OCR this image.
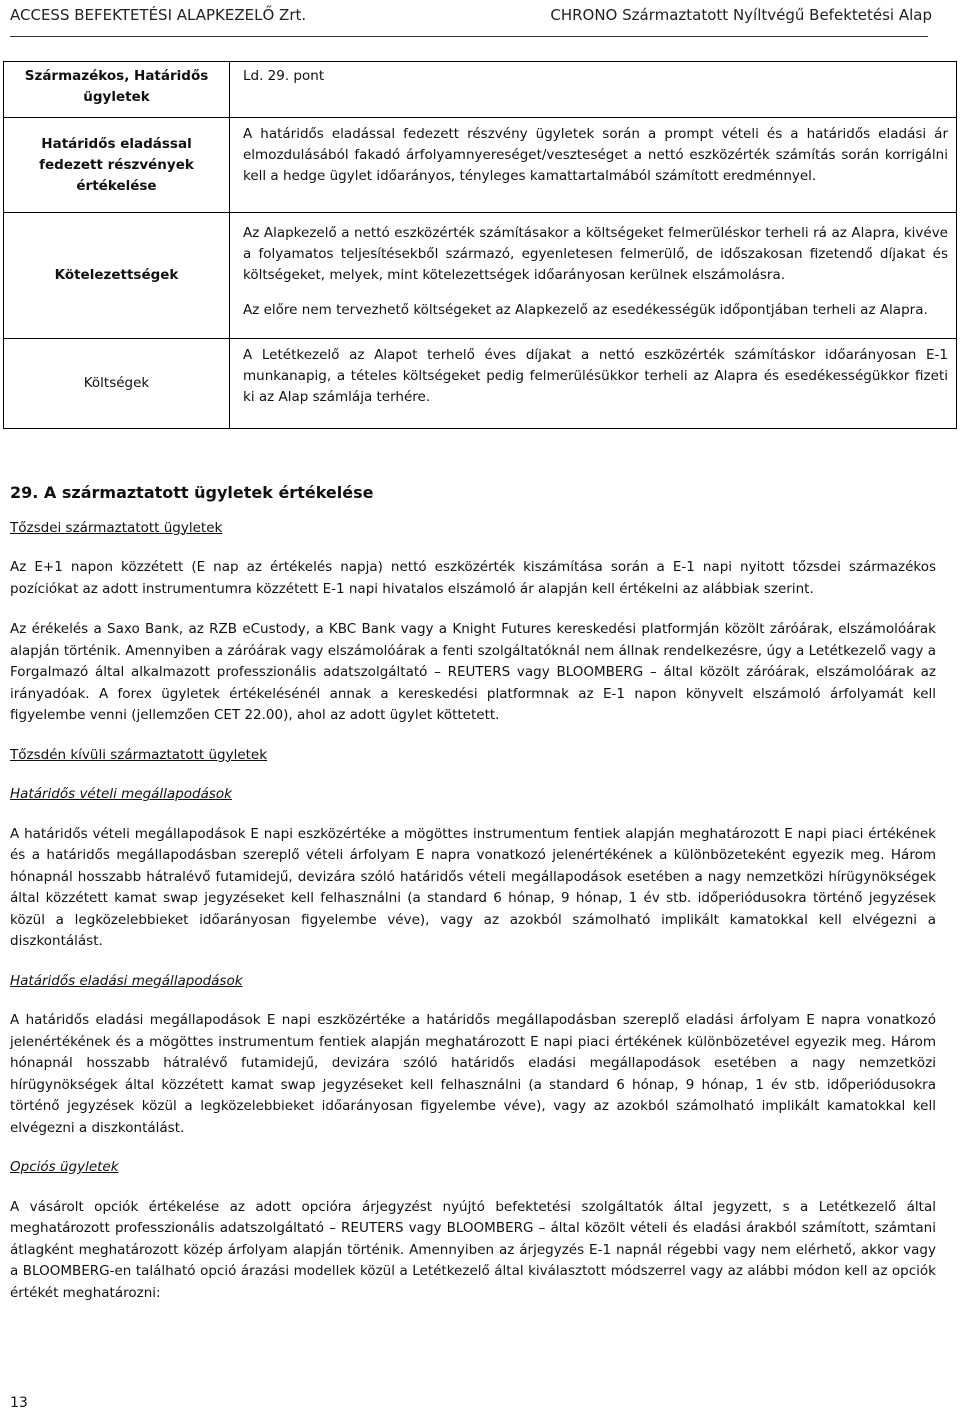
ACCESS BEFEKTETÉSI ALAPKEZELŐ Zrt.	CHRONO Származtatott Nyíltvégű Befektetési Alap
Származékos, Határidős ügyletek	Ld. 29. pont

Határidős eladással fedezett részvények értékelése	A határidős eladással fedezett részvény ügyletek során a prompt vételi és a határidős eladási ár elmozdulásából fakadó árfolyamnyereséget/veszteséget a nettó eszközérték számítás során korrigálni kell a hedge ügylet időarányos, tényleges kamattartalmából számított eredménnyel.

Kötelezettségek	Az Alapkezelő a nettó eszközérték számításakor a költségeket felmerüléskor terheli rá az Alapra, kivéve a folyamatos teljesítésekből származó, egyenletesen felmerülő, de időszakosan fizetendő díjakat és költségeket, melyek, mint kötelezettségek időarányosan kerülnek elszámolásra.

Az előre nem tervezhető költségeket az Alapkezelő az esedékességük időpontjában terheli az Alapra.

Költségek	A Letétkezelő az Alapot terhelő éves díjakat a nettó eszközérték számításkor időarányosan E-1 munkanapig, a tételes költségeket pedig felmerülésükkor terheli az Alapra és esedékességükkor fizeti ki az Alap számlája terhére.

29. A származtatott ügyletek értékelése

Tőzsdei származtatott ügyletek

Az E+1 napon közzétett (E nap az értékelés napja) nettó eszközérték kiszámítása során a E-1 napi nyitott tőzsdei származékos pozíciókat az adott instrumentumra közzétett E-1 napi hivatalos elszámoló ár alapján kell értékelni az alábbiak szerint.

Az érékelés a Saxo Bank, az RZB eCustody, a KBC Bank vagy a Knight Futures kereskedési platformján közölt záróárak, elszámolóárak alapján történik. Amennyiben a záróárak vagy elszámolóárak a fenti szolgáltatóknál nem állnak rendelkezésre, úgy a Letétkezelő vagy a Forgalmazó által alkalmazott professzionális adatszolgáltató – REUTERS vagy BLOOMBERG – által közölt záróárak, elszámolóárak az irányadóak. A forex ügyletek értékelésénél annak a kereskedési platformnak az E-1 napon könyvelt elszámoló árfolyamát kell figyelembe venni (jellemzően CET 22.00), ahol az adott ügylet köttetett.

Tőzsdén kívüli származtatott ügyletek

Határidős vételi megállapodások

A határidős vételi megállapodások E napi eszközértéke a mögöttes instrumentum fentiek alapján meghatározott E napi piaci értékének és a határidős megállapodásban szereplő vételi árfolyam E napra vonatkozó jelenértékének a különbözeteként egyezik meg. Három hónapnál hosszabb hátralévő futamidejű, devizára szóló határidős vételi megállapodások esetében a nagy nemzetközi hírügynökségek által közzétett kamat swap jegyzéseket kell felhasználni (a standard 6 hónap, 9 hónap, 1 év stb. időperiódusokra történő jegyzések közül a legközelebbieket időarányosan figyelembe véve), vagy az azokból számolható implikált kamatokkal kell elvégezni a diszkontálást.

Határidős eladási megállapodások

A határidős eladási megállapodások E napi eszközértéke a határidős megállapodásban szereplő eladási árfolyam E napra vonatkozó jelenértékének és a mögöttes instrumentum fentiek alapján meghatározott E napi piaci értékének különbözetével egyezik meg. Három hónapnál hosszabb hátralévő futamidejű, devizára szóló határidős eladási megállapodások esetében a nagy nemzetközi hírügynökségek által közzétett kamat swap jegyzéseket kell felhasználni (a standard 6 hónap, 9 hónap, 1 év stb. időperiódusokra történő jegyzések közül a legközelebbieket időarányosan figyelembe véve), vagy az azokból számolható implikált kamatokkal kell elvégezni a diszkontálást.

Opciós ügyletek

A vásárolt opciók értékelése az adott opcióra árjegyzést nyújtó befektetési szolgáltatók által jegyzett, s a Letétkezelő által meghatározott professzionális adatszolgáltató – REUTERS vagy BLOOMBERG – által közölt vételi és eladási árakból számított, számtani átlagként meghatározott közép árfolyam alapján történik. Amennyiben az árjegyzés E-1 napnál régebbi vagy nem elérhető, akkor vagy a BLOOMBERG-en található opció árazási modellek közül a Letétkezelő által kiválasztott módszerrel vagy az alábbi módon kell az opciók értékét meghatározni:

13
